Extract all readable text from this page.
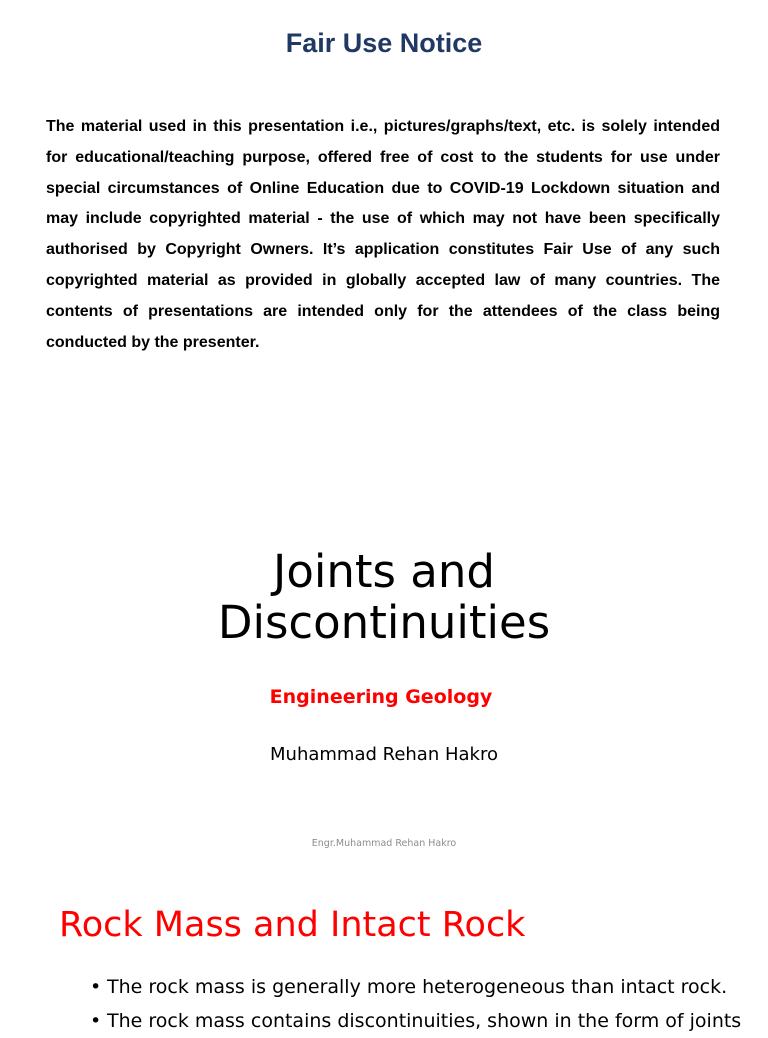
Fair Use Notice
The material used in this presentation i.e., pictures/graphs/text, etc. is solely intended for educational/teaching purpose, offered free of cost to the students for use under special circumstances of Online Education due to COVID-19 Lockdown situation and may include copyrighted material - the use of which may not have been specifically authorised by Copyright Owners. It’s application constitutes Fair Use of any such copyrighted material as provided in globally accepted law of many countries. The contents of presentations are intended only for the attendees of the class being conducted by the presenter.
Joints and
Discontinuities
Engineering Geology
Muhammad Rehan Hakro
Engr.Muhammad Rehan Hakro
Rock Mass and Intact Rock
• The rock mass is generally more heterogeneous than intact rock.
• The rock mass contains discontinuities, shown in the form of joints
